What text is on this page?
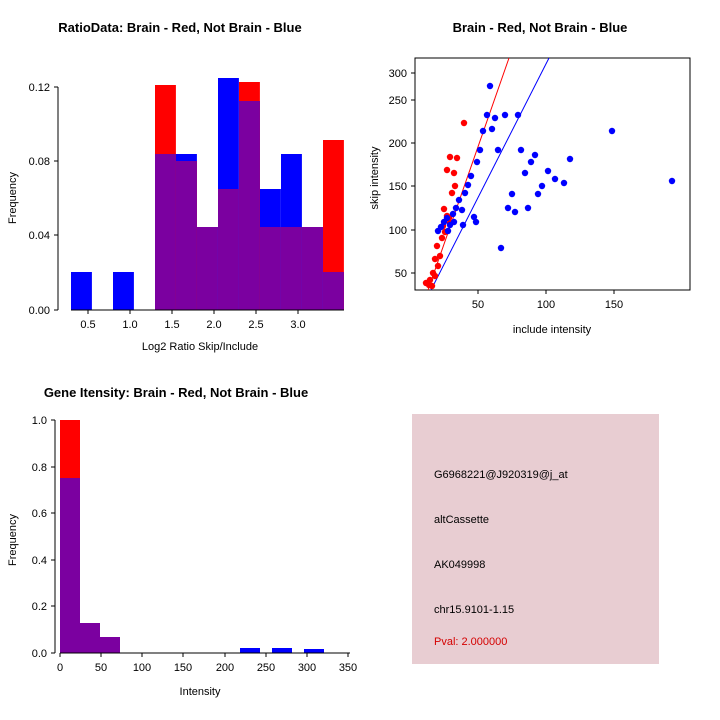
RatioData: Brain - Red, Not Brain - Blue
0.00
0.04
0.08
0.12
0.5 1.0 1.5 2.0 2.5 3.0
Log2 Ratio Skip/Include
Frequency
Brain - Red, Not Brain - Blue
50
100
150
200
250
300
50	100	150
include intensity
skip intensity
Gene Itensity: Brain - Red, Not Brain - Blue
0.0
0.2
0.4
0.6
0.8
1.0
0	50 100 150 200 250 300 350
Intensity
Frequency
G6968221@J920319@j_at
altCassette
AK049998
chr15.9101-1.15
Pval: 2.000000
